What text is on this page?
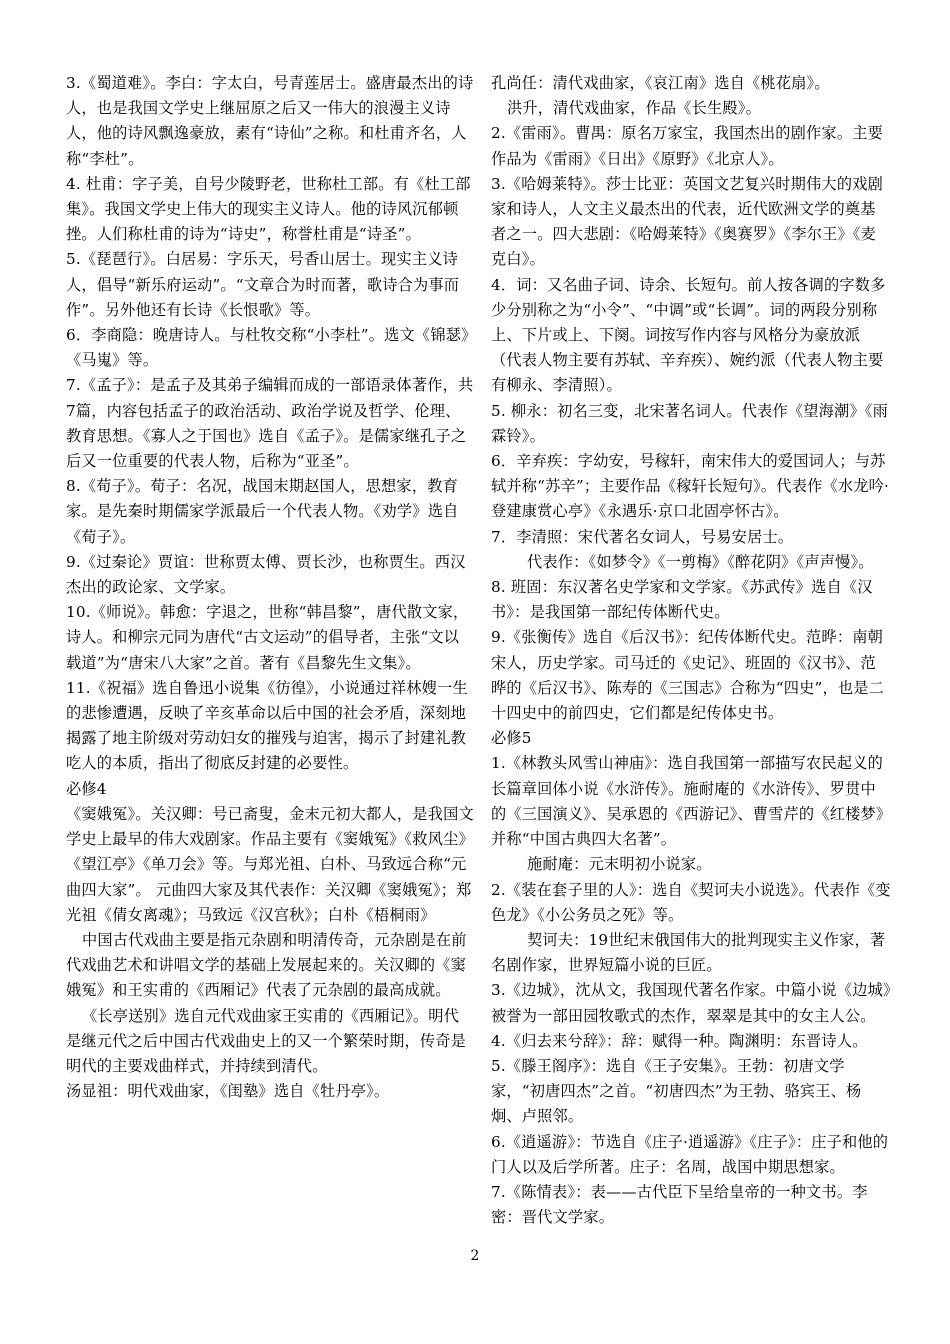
3.《蜀道难》。李白：字太白，号青莲居士。盛唐最杰出的诗人，也是我国文学史上继屈原之后又一伟大的浪漫主义诗人，他的诗风飘逸豪放，素有“诗仙”之称。和杜甫齐名，人称“李杜”。

4. 杜甫：字子美，自号少陵野老，世称杜工部。有《杜工部集》。我国文学史上伟大的现实主义诗人。他的诗风沉郁顿挫。人们称杜甫的诗为“诗史”，称誉杜甫是“诗圣”。

5.《琵琶行》。白居易：字乐天，号香山居士。现实主义诗人，倡导“新乐府运动”。“文章合为时而著，歌诗合为事而作”。另外他还有长诗《长恨歌》等。

6．李商隐：晚唐诗人。与杜牧交称“小李杜”。选文《锦瑟》《马嵬》等。

7.《孟子》：是孟子及其弟子编辑而成的一部语录体著作，共7篇，内容包括孟子的政治活动、政治学说及哲学、伦理、教育思想。《寡人之于国也》选自《孟子》。是儒家继孔子之后又一位重要的代表人物，后称为“亚圣”。

8.《荀子》。荀子：名况，战国末期赵国人，思想家，教育家。是先秦时期儒家学派最后一个代表人物。《劝学》选自《荀子》。

9.《过秦论》贾谊：世称贾太傅、贾长沙，也称贾生。西汉杰出的政论家、文学家。

10.《师说》。韩愈：字退之，世称“韩昌黎”，唐代散文家，诗人。和柳宗元同为唐代“古文运动”的倡导者，主张“文以载道”为“唐宋八大家”之首。著有《昌黎先生文集》。

11.《祝福》选自鲁迅小说集《彷徨》，小说通过祥林嫂一生的悲惨遭遇，反映了辛亥革命以后中国的社会矛盾，深刻地揭露了地主阶级对劳动妇女的摧残与迫害，揭示了封建礼教吃人的本质，指出了彻底反封建的必要性。

必修4

《窦娥冤》。关汉卿：号已斋叟，金末元初大都人，是我国文学史上最早的伟大戏剧家。作品主要有《窦娥冤》《救风尘》《望江亭》《单刀会》等。与郑光祖、白朴、马致远合称“元曲四大家”。 元曲四大家及其代表作：关汉卿《窦娥冤》；郑光祖《倩女离魂》；马致远《汉宫秋》；白朴《梧桐雨》

中国古代戏曲主要是指元杂剧和明清传奇，元杂剧是在前代戏曲艺术和讲唱文学的基础上发展起来的。关汉卿的《窦娥冤》和王实甫的《西厢记》代表了元杂剧的最高成就。

《长亭送别》选自元代戏曲家王实甫的《西厢记》。明代是继元代之后中国古代戏曲史上的又一个繁荣时期，传奇是明代的主要戏曲样式，并持续到清代。

汤显祖：明代戏曲家，《闺塾》选自《牡丹亭》。

孔尚任：清代戏曲家，《哀江南》选自《桃花扇》。

洪升，清代戏曲家，作品《长生殿》。

2.《雷雨》。曹禺：原名万家宝，我国杰出的剧作家。主要作品为《雷雨》《日出》《原野》《北京人》。

3.《哈姆莱特》。莎士比亚：英国文艺复兴时期伟大的戏剧家和诗人，人文主义最杰出的代表，近代欧洲文学的奠基者之一。四大悲剧：《哈姆莱特》《奥赛罗》《李尔王》《麦克白》。

4．词：又名曲子词、诗余、长短句。前人按各调的字数多少分别称之为“小令”、“中调”或“长调”。词的两段分别称上、下片或上、下阕。词按写作内容与风格分为豪放派（代表人物主要有苏轼、辛弃疾）、婉约派（代表人物主要有柳永、李清照）。

5. 柳永：初名三变，北宋著名词人。代表作《望海潮》《雨霖铃》。

6．辛弃疾：字幼安，号稼轩，南宋伟大的爱国词人；与苏轼并称“苏辛”；主要作品《稼轩长短句》。代表作《水龙吟·登建康赏心亭》《永遇乐·京口北固亭怀古》。

7．李清照：宋代著名女词人，号易安居士。

代表作：《如梦令》《一剪梅》《醉花阴》《声声慢》。

8. 班固：东汉著名史学家和文学家。《苏武传》选自《汉书》：是我国第一部纪传体断代史。

9.《张衡传》选自《后汉书》：纪传体断代史。范晔：南朝宋人，历史学家。司马迁的《史记》、班固的《汉书》、范晔的《后汉书》、陈寿的《三国志》合称为“四史”，也是二十四史中的前四史，它们都是纪传体史书。

必修5

1.《林教头风雪山神庙》：选自我国第一部描写农民起义的长篇章回体小说《水浒传》。施耐庵的《水浒传》、罗贯中的《三国演义》、吴承恩的《西游记》、曹雪芹的《红楼梦》并称“中国古典四大名著”。

施耐庵：元末明初小说家。

2.《装在套子里的人》：选自《契诃夫小说选》。代表作《变色龙》《小公务员之死》等。

契诃夫：19世纪末俄国伟大的批判现实主义作家，著名剧作家，世界短篇小说的巨匠。

3.《边城》，沈从文，我国现代著名作家。中篇小说《边城》被誉为一部田园牧歌式的杰作，翠翠是其中的女主人公。

4.《归去来兮辞》：辞：赋得一种。陶渊明：东晋诗人。

5.《滕王阁序》：选自《王子安集》。王勃：初唐文学家，“初唐四杰”之首。“初唐四杰”为王勃、骆宾王、杨炯、卢照邻。

6.《逍遥游》：节选自《庄子·逍遥游》《庄子》：庄子和他的门人以及后学所著。庄子：名周，战国中期思想家。

7.《陈情表》：表——古代臣下呈给皇帝的一种文书。李密：晋代文学家。

2
